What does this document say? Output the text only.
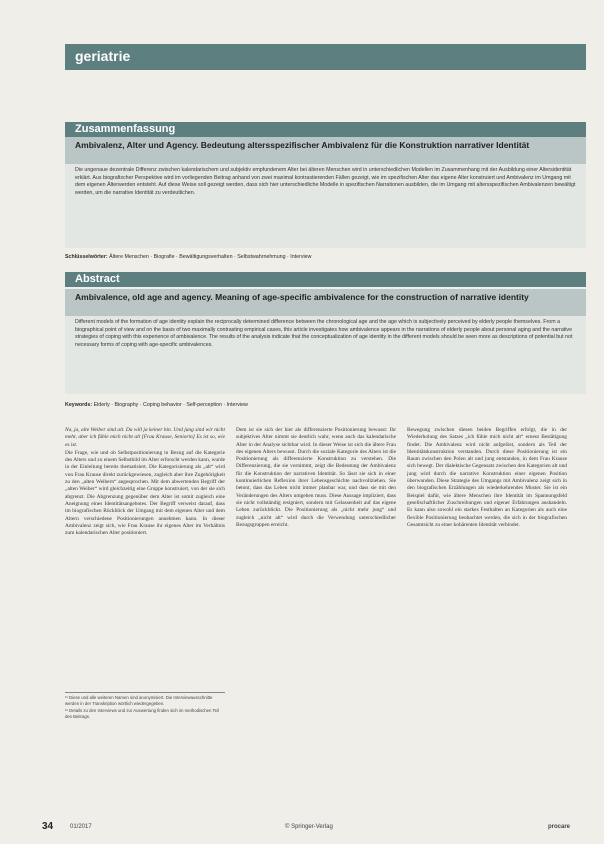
geriatrie
Zusammenfassung
Ambivalenz, Alter und Agency. Bedeutung altersspezifischer Ambivalenz für die Konstruktion narrativer Identität

Die ungenaue dezentrale Differenz zwischen kalendarischem und subjektiv empfundenem Alter bei älteren Menschen wird in unterschiedlichen Modellen im Zusammenhang mit der Ausbildung einer Altersidentität erklärt. Aus biografischer Perspektive wird im vorliegenden Beitrag anhand von zwei maximal kontrastierenden Fällen gezeigt, wie im spezifischen Alter das eigene Alter konstruiert und Ambivalenz im Umgang mit dem eigenen Älterwerden entsteht. Auf diese Weise soll gezeigt werden, dass sich hier unterschiedliche Modelle in spezifischen Narrationen ausbilden, die im Umgang mit altersspezifischen Ambivalenzen bewältigt werden, um die narrative Identität zu verdeutlichen.

Schlüsselwörter: Ältere Menschen · Biografie · Bewältigungsverhalten · Selbstwahrnehmung · Interview
Abstract
Ambivalence, old age and agency. Meaning of age-specific ambivalence for the construction of narrative identity

Different models of the formation of age identity explain the reciprocally determined difference between the chronological age and the age which is subjectively perceived by elderly people themselves. From a biographical point of view and on the basis of two maximally contrasting empirical cases, this article investigates how ambivalence appears in the narrations of elderly people about personal aging and the narrative strategies of coping with this experience of ambivalence. The results of the analysis indicate that the conceptualization of age identity in the different models should be seen more as descriptions of potential but not necessary forms of coping with age-specific ambivalences.

Keywords: Elderly · Biography · Coping behavior · Self-perception · Interview

Na, ja, alte Weiber sind alt. Da will ja keiner hin. Und jung sind wir nicht mehr, aber ich fühle mich nicht alt [Frau Krause, Seniorin] Es ist so, wie es ist.

Die Frage, wie und ob Selbstpositionierung in Bezug auf die Kategorie des Alters und zu einem Selbstbild im Alter erforscht werden kann, wurde in der Einleitung bereits thematisiert. Die Kategorisierung als „alt“ wird von Frau Krause direkt zurückgewiesen, zugleich aber ihre Zugehörigkeit zu den „alten Weibern“ angesprochen. Mit dem abwertenden Begriff der „alten Weiber“ wird gleichzeitig eine Gruppe konstruiert, von der sie sich abgrenzt. Die Abgrenzung gegenüber dem Alter ist somit zugleich eine Aneignung eines Identitätsangebotes. Der Begriff verweist darauf, dass im biografischen Rückblick der Umgang mit dem eigenen Alter und dem Altern verschiedene Positionierungen annehmen kann. In dieser Ambivalenz zeigt sich, wie Frau Krause ihr eigenes Alter im Verhältnis zum kalendarischen Alter positioniert.

Dem ist sie sich der hier als differenzierte Positionierung bewusst: Ihr subjektives Alter nimmt sie deutlich wahr, wenn auch das kalendarische Alter in der Analyse sichtbar wird. In dieser Weise ist sich die ältere Frau des eigenen Alters bewusst. Durch die soziale Kategorie des Alters ist die Positionierung als differenzierte Konstruktion zu verstehen. Die Differenzierung, die sie vornimmt, zeigt die Bedeutung der Ambivalenz für die Konstruktion der narrativen Identität. So lässt sie sich in einer kontinuierlichen Reflexion ihrer Lebensgeschichte nachvollziehen. Sie betont, dass das Leben nicht immer planbar war, und dass sie mit den Veränderungen des Alters umgehen muss. Diese Aussage impliziert, dass sie nicht vollständig resigniert, sondern mit Gelassenheit auf das eigene Leben zurückblickt. Die Positionierung als „nicht mehr jung“ und zugleich „nicht alt“ wird durch die Verwendung unterschiedlicher Bezugsgruppen erreicht.

Bewegung zwischen diesen beiden Begriffen erfolgt, die in der Wiederholung des Satzes „ich fühle mich nicht alt“ erneut Bestätigung findet. Die Ambivalenz wird nicht aufgelöst, sondern als Teil der Identitätskonstruktion verstanden. Durch diese Positionierung ist ein Raum zwischen den Polen alt und jung entstanden, in dem Frau Krause sich bewegt. Der dialektische Gegensatz zwischen den Kategorien alt und jung wird durch die narrative Konstruktion einer eigenen Position überwunden. Diese Strategie des Umgangs mit Ambivalenz zeigt sich in den biografischen Erzählungen als wiederkehrendes Muster. Sie ist ein Beispiel dafür, wie ältere Menschen ihre Identität im Spannungsfeld gesellschaftlicher Zuschreibungen und eigener Erfahrungen aushandeln. Es kann also sowohl ein starkes Festhalten an Kategorien als auch eine flexible Positionierung beobachtet werden, die sich in der biografischen Gesamtsicht zu einer kohärenten Identität verbindet.

¹¹ Diese und alle weiteren Namen sind anonymisiert. Die Interviewausschnitte werden in der Transkription wörtlich wiedergegeben.

¹² Details zu den Interviews und zur Auswertung finden sich im methodischen Teil des Beitrags.

34	01/2017	© Springer-Verlag	procare
